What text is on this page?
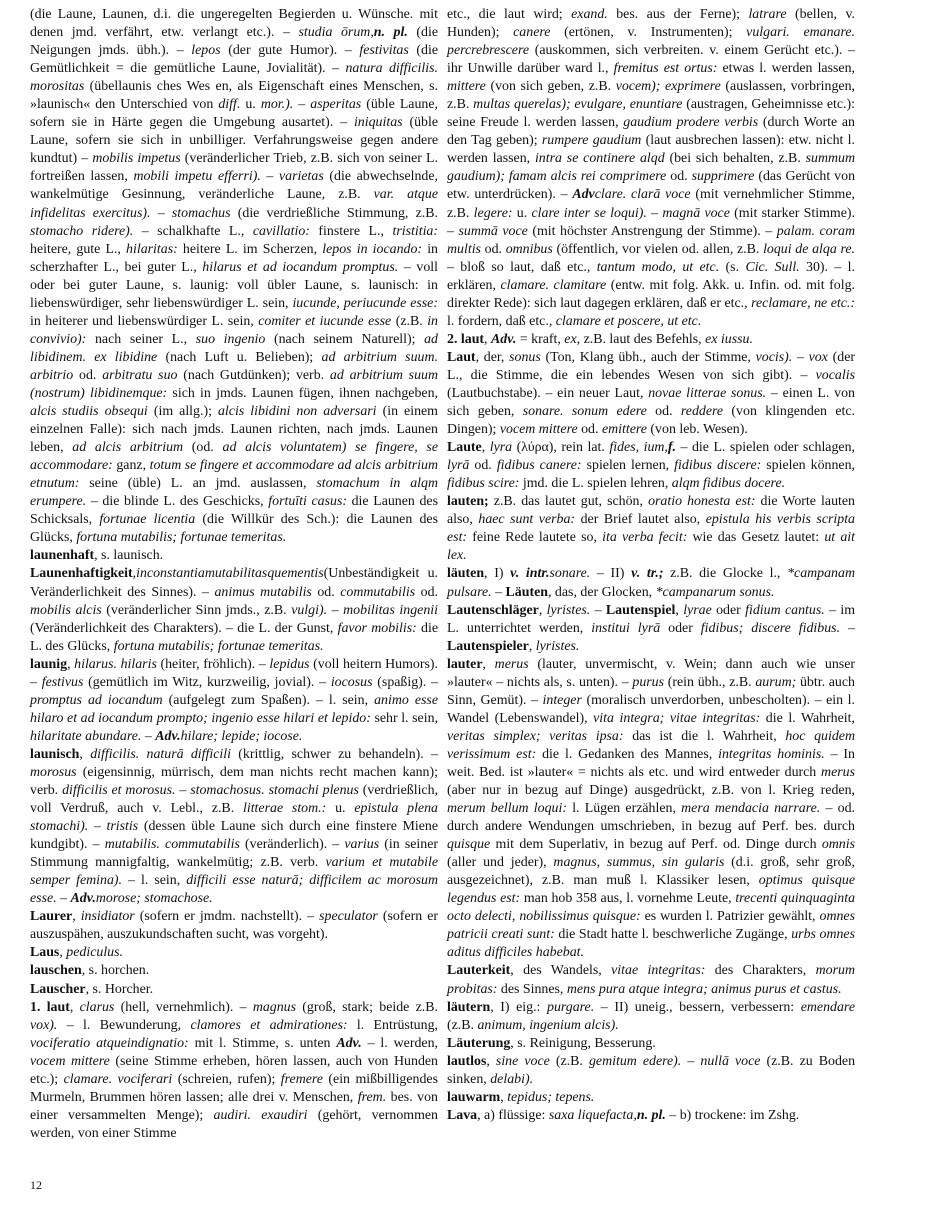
(die Laune, Launen, d.i. die ungeregelten Begierden u. Wünsche. mit denen jmd. verfährt, etw. verlangt etc.). – studia ōrum,n. pl. (die Neigungen jmds. übh.). – lepos (der gute Humor). – festivitas (die Gemütlichkeit = die gemütliche Laune, Jovialität). – natura difficilis. morositas (übellaunis ches Wes en, als Eigenschaft eines Menschen, s. »launisch« den Unterschied von diff. u. mor.). – asperitas (üble Laune, sofern sie in Härte gegen die Umgebung ausartet). – iniquitas (üble Laune, sofern sie sich in unbilliger. Verfahrungsweise gegen andere kundtut) – mobilis impetus (veränderlicher Trieb, z.B. sich von seiner L. fortreißen lassen, mobili impetu efferri). – varietas (die abwechselnde, wankelmütige Gesinnung, veränderliche Laune, z.B. var. atque infidelitas exercitus). – stomachus (die verdrießliche Stimmung, z.B. stomacho ridere). – schalkhafte L., cavillatio: finstere L., tristitia: heitere, gute L., hilaritas: heitere L. im Scherzen, lepos in iocando: in scherzhafter L., bei guter L., hilarus et ad iocandum promptus. – voll oder bei guter Laune, s. launig: voll übler Laune, s. launisch: in liebenswürdiger, sehr liebenswürdiger L. sein, iucunde, periucunde esse: in heiterer und liebenswürdiger L. sein, comiter et iucunde esse (z.B. in convivio): nach seiner L., suo ingenio (nach seinem Naturell); ad libidinem. ex libidine (nach Luft u. Belieben); ad arbitrium suum. arbitrio od. arbitratu suo (nach Gutdünken); verb. ad arbitrium suum (nostrum) libidinemque: sich in jmds. Launen fügen, ihnen nachgeben, alcis studiis obsequi (im allg.); alcis libidini non adversari (in einem einzelnen Falle): sich nach jmds. Launen richten, nach jmds. Launen leben, ad alcis arbitrium (od. ad alcis voluntatem) se fingere, se accommodare: ganz, totum se fingere et accommodare ad alcis arbitrium etnutum: seine (üble) L. an jmd. auslassen, stomachum in alqm erumpere. – die blinde L. des Geschicks, fortuīti casus: die Launen des Schicksals, fortunae licentia (die Willkür des Sch.): die Launen des Glücks, fortuna mutabilis; fortunae temeritas.

launenhaft, s. launisch.

Launenhaftigkeit,inconstantiamutabilitasquementis(Unbeständigkeit u. Veränderlichkeit des Sinnes). – animus mutabilis od. commutabilis od. mobilis alcis (veränderlicher Sinn jmds., z.B. vulgi). – mobilitas ingenii (Veränderlichkeit des Charakters). – die L. der Gunst, favor mobilis: die L. des Glücks, fortuna mutabilis; fortunae temeritas.

launig, hilarus. hilaris (heiter, fröhlich). – lepidus (voll heitern Humors). – festivus (gemütlich im Witz, kurzweilig, jovial). – iocosus (spaßig). – promptus ad iocandum (aufgelegt zum Spaßen). – l. sein, animo esse hilaro et ad iocandum prompto; ingenio esse hilari et lepido: sehr l. sein, hilaritate abundare. – Adv.hilare; lepide; iocose.

launisch, difficilis. naturā difficili (krittlig, schwer zu behandeln). – morosus (eigensinnig, mürrisch, dem man nichts recht machen kann); verb. difficilis et morosus. – stomachosus. stomachi plenus (verdrießlich, voll Verdruß, auch v. Lebl., z.B. litterae stom.: u. epistula plena stomachi). – tristis (dessen üble Laune sich durch eine finstere Miene kundgibt). – mutabilis. commutabilis (veränderlich). – varius (in seiner Stimmung mannigfaltig, wankelmütig; z.B. verb. varium et mutabile semper femina). – l. sein, difficili esse naturā; difficilem ac morosum esse. – Adv.morose; stomachose.

Laurer, insidiator (sofern er jmdm. nachstellt). – speculator (sofern er auszuspähen, auszukundschaften sucht, was vorgeht).

Laus, pediculus.

lauschen, s. horchen.

Lauscher, s. Horcher.

1. laut, clarus (hell, vernehmlich). – magnus (groß, stark; beide z.B. vox). – l. Bewunderung, clamores et admirationes: l. Entrüstung, vociferatio atqueindignatio: mit l. Stimme, s. unten Adv. – l. werden, vocem mittere (seine Stimme erheben, hören lassen, auch von Hunden etc.); clamare. vociferari (schreien, rufen); fremere (ein mißbilligendes Murmeln, Brummen hören lassen; alle drei v. Menschen, frem. bes. von einer versammelten Menge); audiri. exaudiri (gehört, vernommen werden, von einer Stimme

etc., die laut wird; exand. bes. aus der Ferne); latrare (bellen, v. Hunden); canere (ertönen, v. Instrumenten); vulgari. emanare. percrebrescere (auskommen, sich verbreiten. v. einem Gerücht etc.). – ihr Unwille darüber ward l., fremitus est ortus: etwas l. werden lassen, mittere (von sich geben, z.B. vocem); exprimere (auslassen, vorbringen, z.B. multas querelas); evulgare, enuntiare (austragen, Geheimnisse etc.): seine Freude l. werden lassen, gaudium prodere verbis (durch Worte an den Tag geben); rumpere gaudium (laut ausbrechen lassen): etw. nicht l. werden lassen, intra se continere alqd (bei sich behalten, z.B. summum gaudium); famam alcis rei comprimere od. supprimere (das Gerücht von etw. unterdrücken). – Advclare. clarā voce (mit vernehmlicher Stimme, z.B. legere: u. clare inter se loqui). – magnā voce (mit starker Stimme). – summā voce (mit höchster Anstrengung der Stimme). – palam. coram multis od. omnibus (öffentlich, vor vielen od. allen, z.B. loqui de alqa re. – bloß so laut, daß etc., tantum modo, ut etc. (s. Cic. Sull. 30). – l. erklären, clamare. clamitare (entw. mit folg. Akk. u. Infin. od. mit folg. direkter Rede): sich laut dagegen erklären, daß er etc., reclamare, ne etc.: l. fordern, daß etc., clamare et poscere, ut etc.

2. laut, Adv. = kraft, ex, z.B. laut des Befehls, ex iussu.

Laut, der, sonus (Ton, Klang übh., auch der Stimme, vocis). – vox (der L., die Stimme, die ein lebendes Wesen von sich gibt). – vocalis (Lautbuchstabe). – ein neuer Laut, novae litterae sonus. – einen L. von sich geben, sonare. sonum edere od. reddere (von klingenden etc. Dingen); vocem mittere od. emittere (von leb. Wesen).

Laute, lyra (λύρα), rein lat. fides, ium,f. – die L. spielen oder schlagen, lyrā od. fidibus canere: spielen lernen, fidibus discere: spielen können, fidibus scire: jmd. die L. spielen lehren, alqm fidibus docere.

lauten; z.B. das lautet gut, schön, oratio honesta est: die Worte lauten also, haec sunt verba: der Brief lautet also, epistula his verbis scripta est: feine Rede lautete so, ita verba fecit: wie das Gesetz lautet: ut ait lex.

läuten, I) v. intr.sonare. – II) v. tr.; z.B. die Glocke l., *campanam pulsare. – Läuten, das, der Glocken, *campanarum sonus.

Lautenschläger, lyristes. – Lautenspiel, lyrae oder fidium cantus. – im L. unterrichtet werden, institui lyrā oder fidibus; discere fidibus. – Lautenspieler, lyristes.

lauter, merus (lauter, unvermischt, v. Wein; dann auch wie unser »lauter« – nichts als, s. unten). – purus (rein übh., z.B. aurum; übtr. auch Sinn, Gemüt). – integer (moralisch unverdorben, unbescholten). – ein l. Wandel (Lebenswandel), vita integra; vitae integritas: die l. Wahrheit, veritas simplex; veritas ipsa: das ist die l. Wahrheit, hoc quidem verissimum est: die l. Gedanken des Mannes, integritas hominis. – In weit. Bed. ist »lauter« = nichts als etc. und wird entweder durch merus (aber nur in bezug auf Dinge) ausgedrückt, z.B. von l. Krieg reden, merum bellum loqui: l. Lügen erzählen, mera mendacia narrare. – od. durch andere Wendungen umschrieben, in bezug auf Perf. bes. durch quisque mit dem Superlativ, in bezug auf Perf. od. Dinge durch omnis (aller und jeder), magnus, summus, sin gularis (d.i. groß, sehr groß, ausgezeichnet), z.B. man muß l. Klassiker lesen, optimus quisque legendus est: man hob 358 aus, l. vornehme Leute, trecenti quinquaginta octo delecti, nobilissimus quisque: es wurden l. Patrizier gewählt, omnes patricii creati sunt: die Stadt hatte l. beschwerliche Zugänge, urbs omnes aditus difficiles habebat.

Lauterkeit, des Wandels, vitae integritas: des Charakters, morum probitas: des Sinnes, mens pura atque integra; animus purus et castus.

läutern, I) eig.: purgare. – II) uneig., bessern, verbessern: emendare (z.B. animum, ingenium alcis).

Läuterung, s. Reinigung, Besserung.

lautlos, sine voce (z.B. gemitum edere). – nullā voce (z.B. zu Boden sinken, delabi).

lauwarm, tepidus; tepens.

Lava, a) flüssige: saxa liquefacta,n. pl. – b) trockene: im Zshg.

12
